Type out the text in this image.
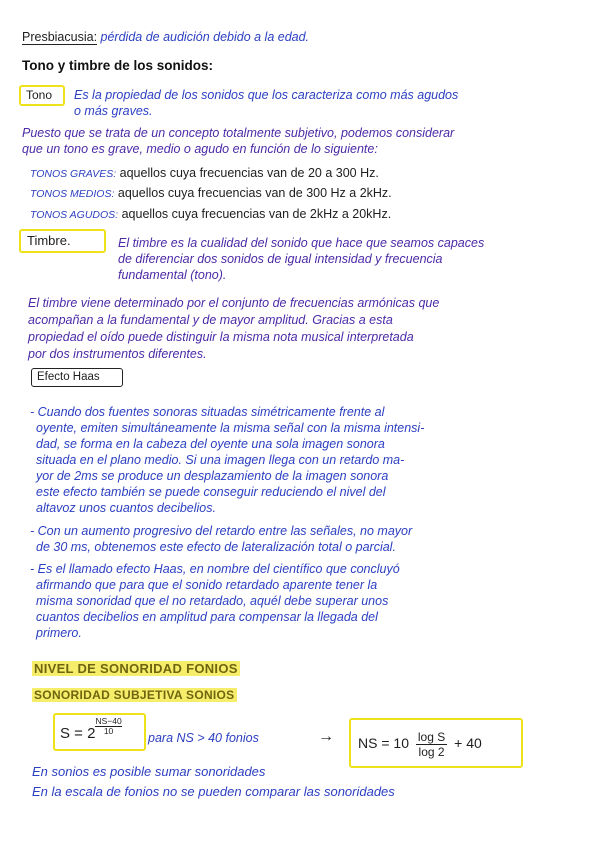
Presbiacusia: pérdida de audición debido a la edad.
Tono y timbre de los sonidos:
Tono Es la propiedad de los sonidos que los caracteriza como más agudos
o más graves.
Puesto que se trata de un concepto totalmente subjetivo, podemos considerar
que un tono es grave, medio o agudo en función de lo siguiente:
TONOS GRAVES: aquellos cuya frecuencias van de 20 a 300 Hz.
TONOS MEDIOS: aquellos cuya frecuencias van de 300 Hz a 2kHz.
TONOS AGUDOS: aquellos cuya frecuencias van de 2kHz a 20kHz.
Timbre.	El timbre es la cualidad del sonido que hace que seamos capaces
de diferenciar dos sonidos de igual intensidad y frecuencia
fundamental (tono).
El timbre viene determinado por el conjunto de frecuencias armónicas que
acompañan a la fundamental y de mayor amplitud. Gracias a esta
propiedad el oído puede distinguir la misma nota musical interpretada
por dos instrumentos diferentes.
Efecto Haas
- Cuando dos fuentes sonoras situadas simétricamente frente al
oyente, emiten simultáneamente la misma señal con la misma intensi-
dad, se forma en la cabeza del oyente una sola imagen sonora
situada en el plano medio. Si una imagen llega con un retardo ma-
yor de 2ms se produce un desplazamiento de la imagen sonora
este efecto también se puede conseguir reduciendo el nivel del
altavoz unos cuantos decibelios.
- Con un aumento progresivo del retardo entre las señales, no mayor
de 30 ms, obtenemos este efecto de lateralización total o parcial.
- Es el llamado efecto Haas, en nombre del científico que concluyó
afirmando que para que el sonido retardado aparente tener la
misma sonoridad que el no retardado, aquél debe superar unos
cuantos decibelios en amplitud para compensar la llegada del
primero.
NIVEL DE SONORIDAD FONIOS
SONORIDAD SUBJETIVA SONIOS
$S = 2 \frac{NS-40}{10}$
para NS > 40 fonios	→ NS = $10 \frac{\text{log S}}{\log 2} + 40$
En sonios es posible sumar sonoridades
En la escala de fonios no se pueden comparar las sonoridades
